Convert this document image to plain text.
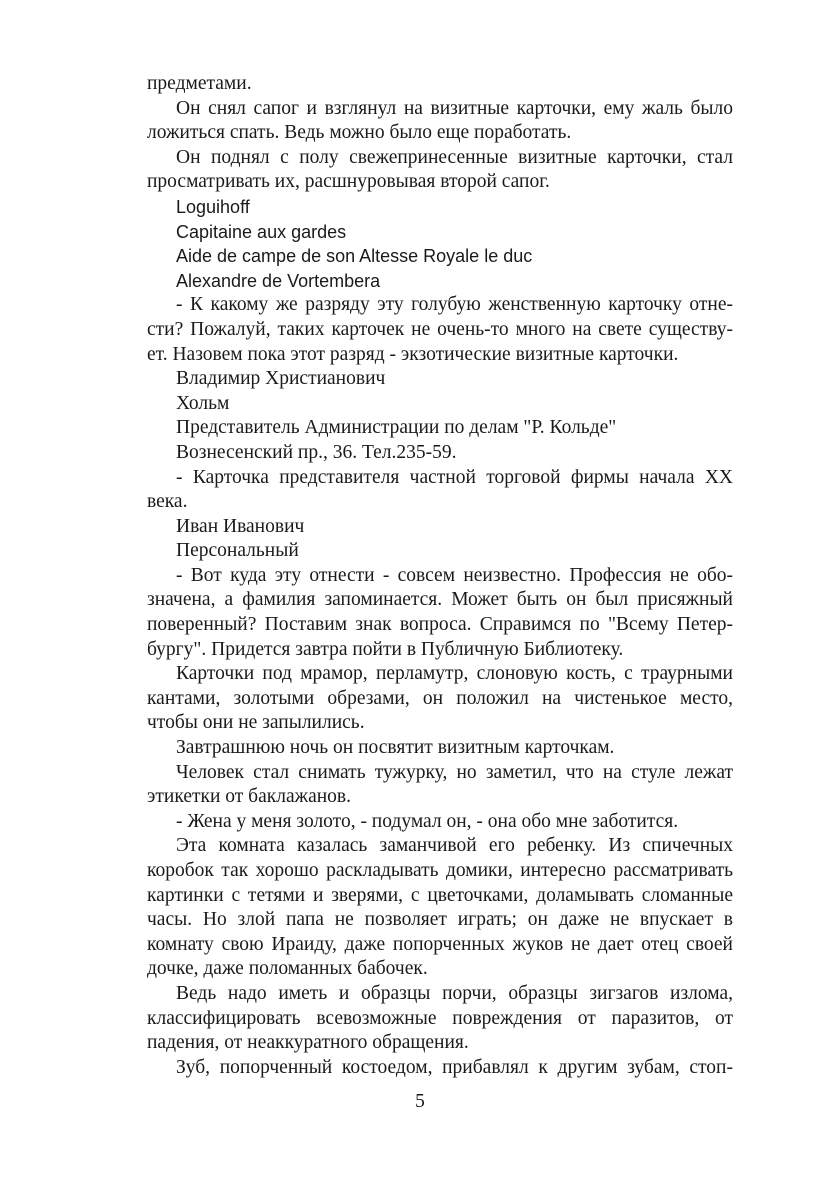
предметами.
Он снял сапог и взглянул на визитные карточки, ему жаль было
ложиться спать. Ведь можно было еще поработать.
Он поднял с полу свежепринесенные визитные карточки, стал
просматривать их, расшнуровывая второй сапог.
Loguihoff
Capitaine aux gardes
Aide de campe de son Altesse Royale le duc
Alexandre de Vortembera
- К какому же разряду эту голубую женственную карточку отне-
сти? Пожалуй, таких карточек не очень-то много на свете существу-
ет. Назовем пока этот разряд - экзотические визитные карточки.
Владимир Христианович
Хольм
Представитель Администрации по делам "Р. Кольде"
Вознесенский пр., 36. Тел.235-59.
- Карточка представителя частной торговой фирмы начала XX
века.
Иван Иванович
Персональный
- Вот куда эту отнести - совсем неизвестно. Профессия не обо-
значена, а фамилия запоминается. Может быть он был присяжный
поверенный? Поставим знак вопроса. Справимся по "Всему Петер-
бургу". Придется завтра пойти в Публичную Библиотеку.
Карточки под мрамор, перламутр, слоновую кость, с траурными
кантами, золотыми обрезами, он положил на чистенькое место,
чтобы они не запылились.
Завтрашнюю ночь он посвятит визитным карточкам.
Человек стал снимать тужурку, но заметил, что на стуле лежат
этикетки от баклажанов.
- Жена у меня золото, - подумал он, - она обо мне заботится.
Эта комната казалась заманчивой его ребенку. Из спичечных
коробок так хорошо раскладывать домики, интересно рассматривать
картинки с тетями и зверями, с цветочками, доламывать сломанные
часы. Но злой папа не позволяет играть; он даже не впускает в
комнату свою Ираиду, даже попорченных жуков не дает отец своей
дочке, даже поломанных бабочек.
Ведь надо иметь и образцы порчи, образцы зигзагов излома,
классифицировать всевозможные повреждения от паразитов, от
падения, от неаккуратного обращения.
Зуб, попорченный костоедом, прибавлял к другим зубам, стоп-
5
